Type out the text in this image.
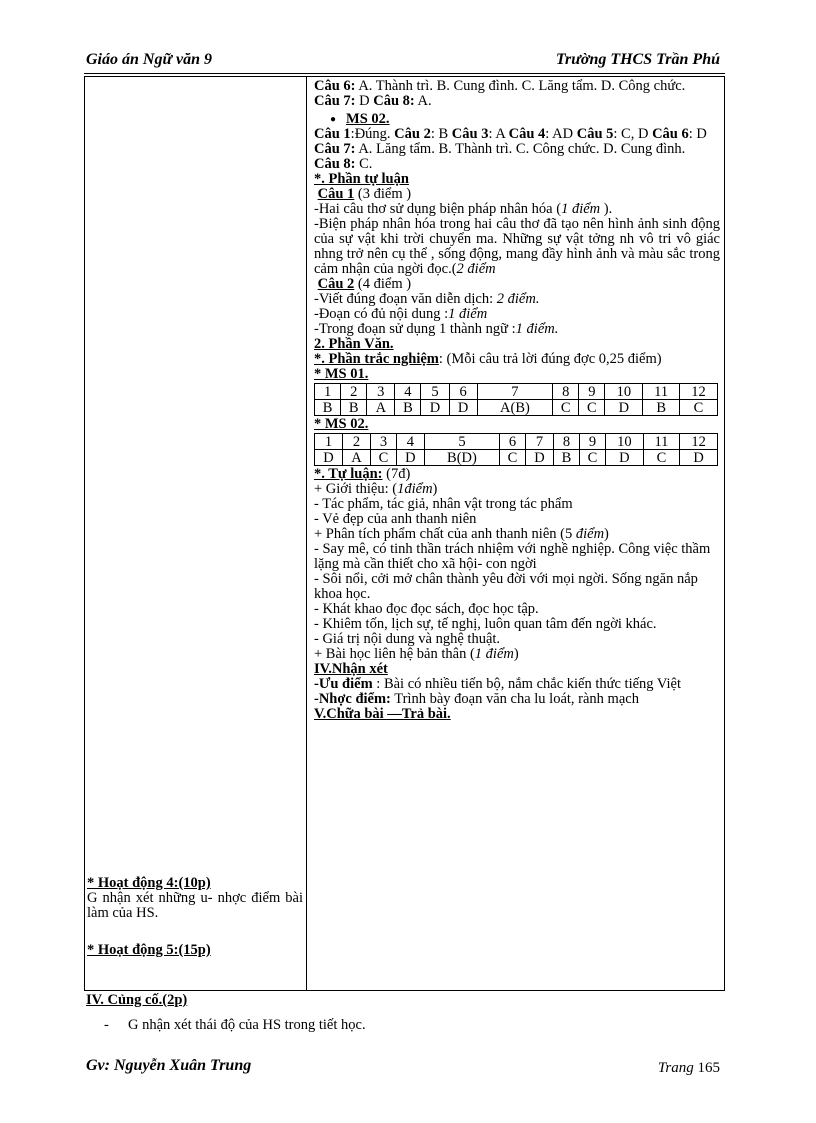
Giáo án Ngữ văn 9	Trường THCS Trần Phú
* Hoạt động 4:(10p)
G nhận xét những u- nhợc điểm bài làm của HS.
* Hoạt động 5:(15p)

Câu 6: A. Thành trì. B. Cung đình. C. Lăng tẩm. D. Công chức.

Câu 7: D Câu 8: A.

● MS 02.

Câu 1:Đúng. Câu 2: B Câu 3: A Câu 4: AD Câu 5: C, D Câu 6: D

Câu 7: A. Lăng tẩm. B. Thành trì. C. Công chức. D. Cung đình.

Câu 8: C.

*. Phần tự luận

Câu 1 (3 điểm )

-Hai câu thơ sử dụng biện pháp nhân hóa (1 điểm ).

-Biện pháp nhân hóa trong hai câu thơ đã tạo nên hình ảnh sinh động của sự vật khi trời chuyển ma. Những sự vật tởng nh vô tri vô giác nhng trở nên cụ thể , sống động, mang đầy hình ảnh và màu sắc trong cảm nhận của ngời đọc.(2 điểm

Câu 2 (4 điểm )

-Viết đúng đoạn văn diễn dịch: 2 điểm.

-Đoạn có đủ nội dung :1 điểm

-Trong đoạn sử dụng 1 thành ngữ :1 điểm.

2. Phần Văn.

*. Phần trắc nghiệm: (Mỗi câu trả lời đúng đợc 0,25 điểm)

* MS 01.

1	2	3	4	5	6	7	8	9	10	11	12
B	B	A	B	D	D	A(B)	C	C	D	B	C

* MS 02.

1	2	3	4	5	6	7	8	9	10	11	12
D	A	C	D	B(D)	C	D	B	C	D	C	D

*. Tự luận: (7đ)

+ Giới thiệu: (1điểm)

- Tác phẩm, tác giả, nhân vật trong tác phẩm

- Vẻ đẹp của anh thanh niên

+ Phân tích phẩm chất của anh thanh niên (5 điểm)

- Say mê, có tinh thần trách nhiệm với nghề nghiệp. Công việc thầm lặng mà cần thiết cho xã hội- con ngời

- Sôi nổi, cởi mở chân thành yêu đời với mọi ngời. Sống ngăn nắp khoa học.

- Khát khao đọc đọc sách, đọc học tập.

- Khiêm tốn, lịch sự, tế nghị, luôn quan tâm đến ngời khác.

- Giá trị nội dung và nghệ thuật.

+ Bài học liên hệ bản thân (1 điểm)

IV.Nhận xét

-Ưu điểm : Bài có nhiều tiến bộ, nắm chắc kiến thức tiếng Việt

-Nhợc điểm: Trình bày đoạn văn cha lu loát, rành mạch

V.Chữa bài —Trả bài.

IV. Củng cố.(2p)
- G nhận xét thái độ của HS trong tiết học.
Gv: Nguyễn Xuân Trung	Trang 165
